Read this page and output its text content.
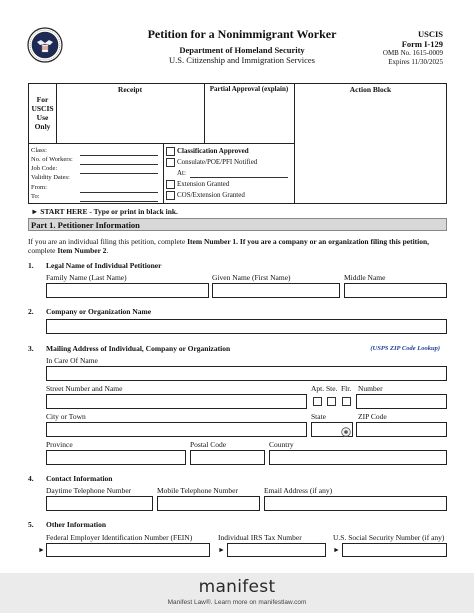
Petition for a Nonimmigrant Worker
Department of Homeland Security
U.S. Citizenship and Immigration Services
USCIS
Form I-129
OMB No. 1615-0009
Expires 11/30/2025
For
USCIS
Use
Only
Receipt	Partial Approval (explain)	Action Block
Class:
No. of Workers:
Job Code:
Validity Dates:
From:
To:
Classification Approved
Consulate/POE/PFI Notified
At:
Extension Granted
COS/Extension Granted
► START HERE - Type or print in black ink.
Part 1. Petitioner Information
If you are an individual filing this petition, complete Item Number 1. If you are a company or an organization filing this petition,
complete Item Number 2.
1. Legal Name of Individual Petitioner
Family Name (Last Name)	Given Name (First Name)	Middle Name
2. Company or Organization Name
3. Mailing Address of Individual, Company or Organization	(USPS ZIP Code Lookup)
In Care Of Name
Street Number and Name	Apt. Ste. Flr. Number
City or Town	State	ZIP Code
Province	Postal Code	Country
4. Contact Information
Daytime Telephone Number	Mobile Telephone Number	Email Address (if any)
5. Other Information
Federal Employer Identification Number (FEIN)	Individual IRS Tax Number	U.S. Social Security Number (if any)
►	►	►
manifest
Manifest Law®. Learn more on manifestlaw.com
